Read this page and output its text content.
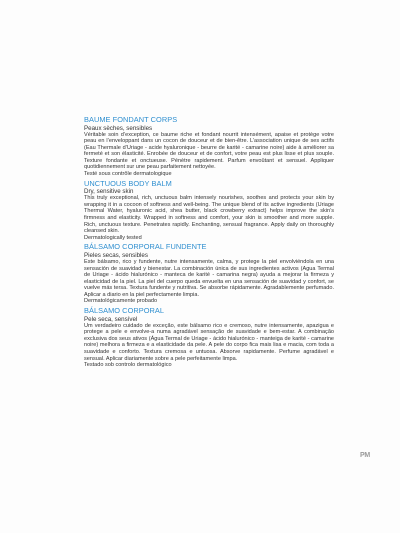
BAUME FONDANT CORPS
Peaux sèches, sensibles
Véritable soin d’exception, ce baume riche et fondant nourrit intensément, apaise et protège votre peau en l’enveloppant dans un cocon de douceur et de bien-être. L’association unique de ses actifs (Eau Thermale d’Uriage - acide hyaluronique - beurre de karité - camarine noire) aide à améliorer sa fermeté et son élasticité. Enrobée de douceur et de confort, votre peau est plus lisse et plus souple. Texture fondante et onctueuse. Pénètre rapidement. Parfum envoûtant et sensuel. Appliquer quotidiennement sur une peau parfaitement nettoyée.
Testé sous contrôle dermatologique
UNCTUOUS BODY BALM
Dry, sensitive skin
This truly exceptional, rich, unctuous balm intensely nourishes, soothes and protects your skin by wrapping it in a cocoon of softness and well-being. The unique blend of its active ingredients (Uriage Thermal Water, hyaluronic acid, shea butter, black crowberry extract) helps improve the skin’s firmness and elasticity. Wrapped in softness and comfort, your skin is smoother and more supple. Rich, unctuous texture. Penetrates rapidly. Enchanting, sensual fragrance. Apply daily on thoroughly cleansed skin.
Dermatologically tested
BÁLSAMO CORPORAL FUNDENTE
Pieles secas, sensibles
Este bálsamo, rico y fundente, nutre intensamente, calma, y protege la piel envolviéndola en una sensación de suavidad y bienestar. La combinación única de sus ingredientes activos (Agua Termal de Uriage - ácido hialurónico - manteca de karité - camarina negra) ayuda a mejorar la firmeza y elasticidad de la piel. La piel del cuerpo queda envuelta en una sensación de suavidad y confort, se vuelve más tersa. Textura fundente y nutritiva. Se absorbe rápidamente. Agradablemente perfumado. Aplicar a diario en la piel perfectamente limpia.
Dermatológicamente probado
BÁLSAMO CORPORAL
Pele seca, sensível
Um verdadeiro cuidado de exceção, este bálsamo rico e cremoso, nutre intensamente, apaziguа e protege a pele e envolve-a numa agradável sensação de suavidade e bem-estar. A combinação exclusiva dos seus ativos (Água Termal de Uriage - ácido hialurónico - manteiga de karité - camarine noire) melhora a firmeza e a elasticidade da pele. A pele do corpo fica mais lisa e macia, com toda a suavidade e conforto. Textura cremosa e untuosa. Absorve rapidamente. Perfume agradável e sensual. Aplicar diariamente sobre a pele perfeitamente limpa.
Testado sob controlo dermatológico
PM
